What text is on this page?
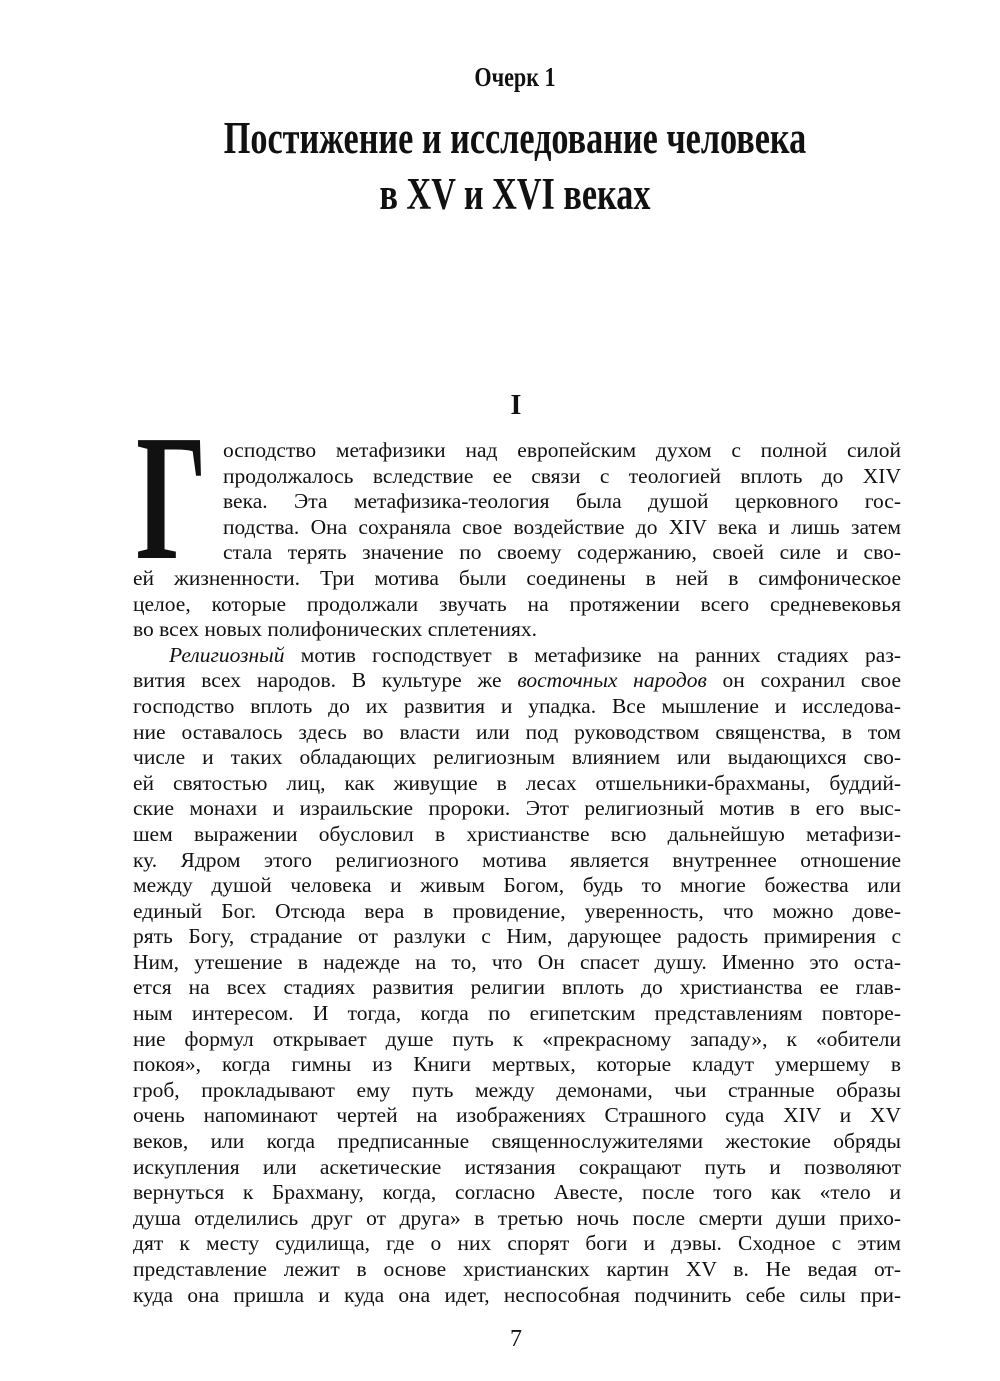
Очерк 1
Постижение и исследование человека
в XV и XVI веках
I
Г осподство метафизики над европейским духом с полной силой
продолжалось вследствие ее связи с теологией вплоть до XIV
века. Эта метафизика-теология была душой церковного гос-
подства. Она сохраняла свое воздействие до XIV века и лишь затем
стала терять значение по своему содержанию, своей силе и сво-
ей жизненности. Три мотива были соединены в ней в симфоническое
целое, которые продолжали звучать на протяжении всего средневековья
во всех новых полифонических сплетениях.
Религиозный мотив господствует в метафизике на ранних стадиях раз-
вития всех народов. В культуре же восточных народов он сохранил свое
господство вплоть до их развития и упадка. Все мышление и исследова-
ние оставалось здесь во власти или под руководством священства, в том
числе и таких обладающих религиозным влиянием или выдающихся сво-
ей святостью лиц, как живущие в лесах отшельники-брахманы, буддий-
ские монахи и израильские пророки. Этот религиозный мотив в его выс-
шем выражении обусловил в христианстве всю дальнейшую метафизи-
ку. Ядром этого религиозного мотива является внутреннее отношение
между душой человека и живым Богом, будь то многие божества или
единый Бог. Отсюда вера в провидение, уверенность, что можно дове-
рять Богу, страдание от разлуки с Ним, дарующее радость примирения с
Ним, утешение в надежде на то, что Он спасет душу. Именно это оста-
ется на всех стадиях развития религии вплоть до христианства ее глав-
ным интересом. И тогда, когда по египетским представлениям повторе-
ние формул открывает душе путь к «прекрасному западу», к «обители
покоя», когда гимны из Книги мертвых, которые кладут умершему в
гроб, прокладывают ему путь между демонами, чьи странные образы
очень напоминают чертей на изображениях Страшного суда XIV и XV
веков, или когда предписанные священнослужителями жестокие обряды
искупления или аскетические истязания сокращают путь и позволяют
вернуться к Брахману, когда, согласно Авесте, после того как «тело и
душа отделились друг от друга» в третью ночь после смерти души прихо-
дят к месту судилища, где о них спорят боги и дэвы. Сходное с этим
представление лежит в основе христианских картин XV в. Не ведая от-
куда она пришла и куда она идет, неспособная подчинить себе силы при-
7
